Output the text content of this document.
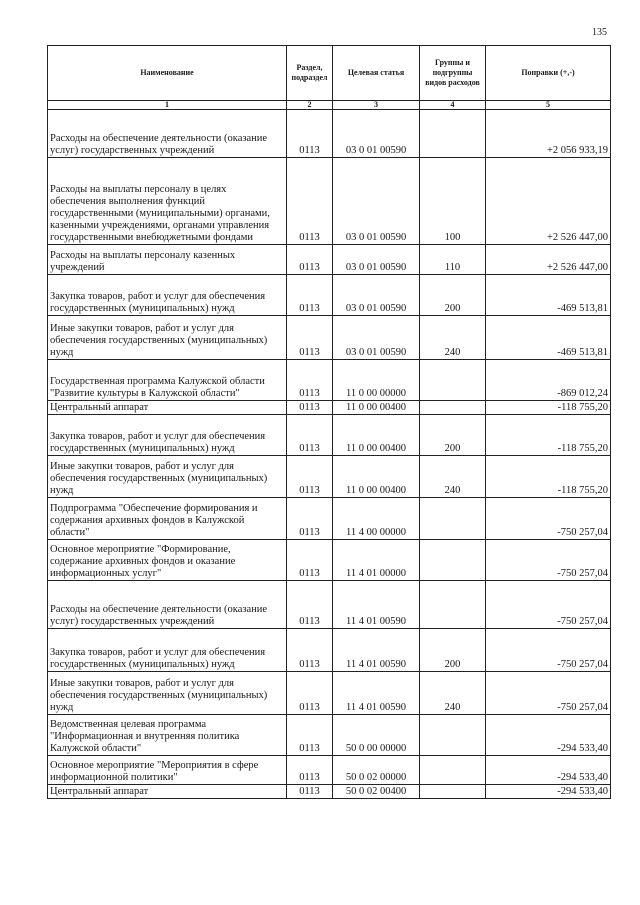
135
Наименование	Раздел, подраздел	Целевая статья	Группы и подгруппы видов расходов	Поправки (+,-)
1	2	3	4	5
Расходы на обеспечение деятельности (оказание услуг) государственных учреждений	0113	03 0 01 00590		+2 056 933,19
Расходы на выплаты персоналу в целях обеспечения выполнения функций государственными (муниципальными) органами, казенными учреждениями, органами управления государственными внебюджетными фондами	0113	03 0 01 00590	100	+2 526 447,00
Расходы на выплаты персоналу казенных учреждений	0113	03 0 01 00590	110	+2 526 447,00
Закупка товаров, работ и услуг для обеспечения государственных (муниципальных) нужд	0113	03 0 01 00590	200	-469 513,81
Иные закупки товаров, работ и услуг для обеспечения государственных (муниципальных) нужд	0113	03 0 01 00590	240	-469 513,81
Государственная программа Калужской области "Развитие культуры в Калужской области"	0113	11 0 00 00000		-869 012,24
Центральный аппарат	0113	11 0 00 00400		-118 755,20
Закупка товаров, работ и услуг для обеспечения государственных (муниципальных) нужд	0113	11 0 00 00400	200	-118 755,20
Иные закупки товаров, работ и услуг для обеспечения государственных (муниципальных) нужд	0113	11 0 00 00400	240	-118 755,20
Подпрограмма "Обеспечение формирования и содержания архивных фондов в Калужской области"	0113	11 4 00 00000		-750 257,04
Основное мероприятие "Формирование, содержание архивных фондов и оказание информационных услуг"	0113	11 4 01 00000		-750 257,04
Расходы на обеспечение деятельности (оказание услуг) государственных учреждений	0113	11 4 01 00590		-750 257,04
Закупка товаров, работ и услуг для обеспечения государственных (муниципальных) нужд	0113	11 4 01 00590	200	-750 257,04
Иные закупки товаров, работ и услуг для обеспечения государственных (муниципальных) нужд	0113	11 4 01 00590	240	-750 257,04
Ведомственная целевая программа "Информационная и внутренняя политика Калужской области"	0113	50 0 00 00000		-294 533,40
Основное мероприятие "Мероприятия в сфере информационной политики"	0113	50 0 02 00000		-294 533,40
Центральный аппарат	0113	50 0 02 00400		-294 533,40
